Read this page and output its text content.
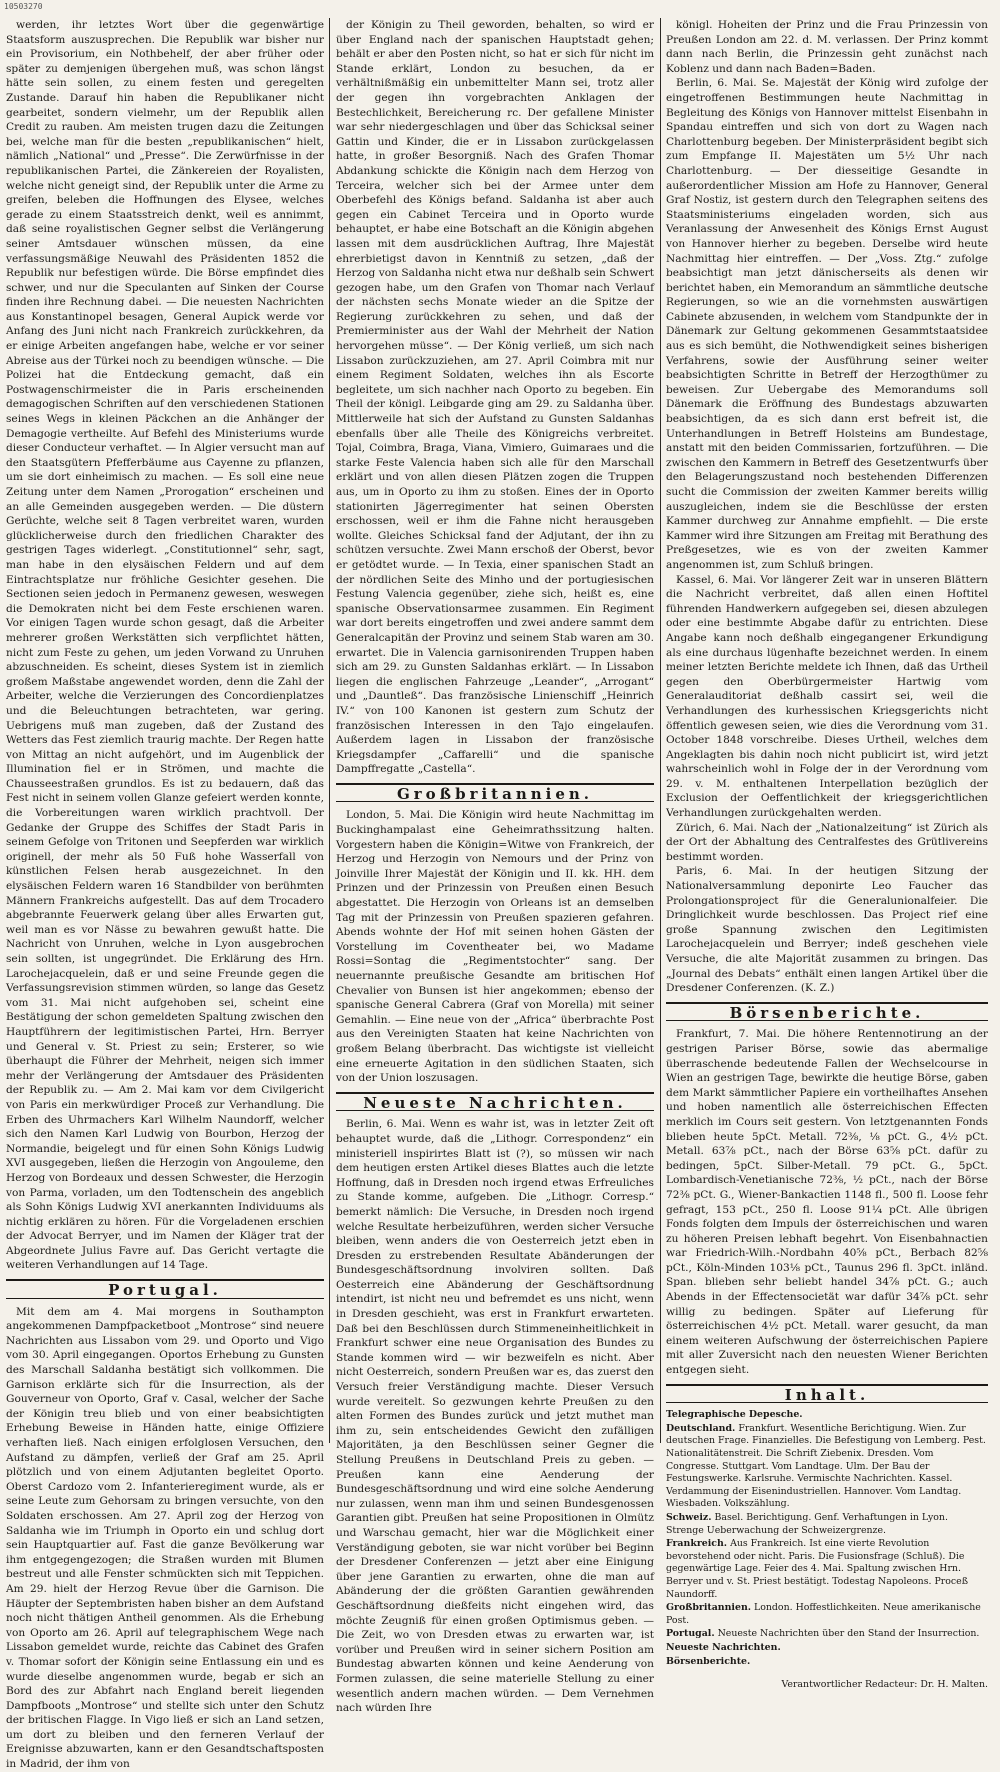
10503270

werden, ihr letztes Wort über die gegenwärtige Staatsform auszusprechen. Die Republik war bisher nur ein Provisorium, ein Nothbehelf, der aber früher oder später zu demjenigen übergehen muß, was schon längst hätte sein sollen, zu einem festen und geregelten Zustande. Darauf hin haben die Republikaner nicht gearbeitet, sondern vielmehr, um der Republik allen Credit zu rauben. Am meisten trugen dazu die Zeitungen bei, welche man für die besten „republikanischen“ hielt, nämlich „National“ und „Presse“. Die Zerwürfnisse in der republikanischen Partei, die Zänkereien der Royalisten, welche nicht geneigt sind, der Republik unter die Arme zu greifen, beleben die Hoffnungen des Elysee, welches gerade zu einem Staatsstreich denkt, weil es annimmt, daß seine royalistischen Gegner selbst die Verlängerung seiner Amtsdauer wünschen müssen, da eine verfassungsmäßige Neuwahl des Präsidenten 1852 die Republik nur befestigen würde. Die Börse empfindet dies schwer, und nur die Speculanten auf Sinken der Course finden ihre Rechnung dabei. — Die neuesten Nachrichten aus Konstantinopel besagen, General Aupick werde vor Anfang des Juni nicht nach Frankreich zurückkehren, da er einige Arbeiten angefangen habe, welche er vor seiner Abreise aus der Türkei noch zu beendigen wünsche. — Die Polizei hat die Entdeckung gemacht, daß ein Postwagenschirmeister die in Paris erscheinenden demagogischen Schriften auf den verschiedenen Stationen seines Wegs in kleinen Päckchen an die Anhänger der Demagogie vertheilte. Auf Befehl des Ministeriums wurde dieser Conducteur verhaftet. — In Algier versucht man auf den Staatsgütern Pfefferbäume aus Cayenne zu pflanzen, um sie dort einheimisch zu machen. — Es soll eine neue Zeitung unter dem Namen „Prorogation“ erscheinen und an alle Gemeinden ausgegeben werden. — Die düstern Gerüchte, welche seit 8 Tagen verbreitet waren, wurden glücklicherweise durch den friedlichen Charakter des gestrigen Tages widerlegt. „Constitutionnel“ sehr, sagt, man habe in den elysäischen Feldern und auf dem Eintrachtsplatze nur fröhliche Gesichter gesehen. Die Sectionen seien jedoch in Permanenz gewesen, weswegen die Demokraten nicht bei dem Feste erschienen waren. Vor einigen Tagen wurde schon gesagt, daß die Arbeiter mehrerer großen Werkstätten sich verpflichtet hätten, nicht zum Feste zu gehen, um jeden Vorwand zu Unruhen abzuschneiden. Es scheint, dieses System ist in ziemlich großem Maßstabe angewendet worden, denn die Zahl der Arbeiter, welche die Verzierungen des Concordienplatzes und die Beleuchtungen betrachteten, war gering. Uebrigens muß man zugeben, daß der Zustand des Wetters das Fest ziemlich traurig machte. Der Regen hatte von Mittag an nicht aufgehört, und im Augenblick der Illumination fiel er in Strömen, und machte die Chausseestraßen grundlos. Es ist zu bedauern, daß das Fest nicht in seinem vollen Glanze gefeiert werden konnte, die Vorbereitungen waren wirklich prachtvoll. Der Gedanke der Gruppe des Schiffes der Stadt Paris in seinem Gefolge von Tritonen und Seepferden war wirklich originell, der mehr als 50 Fuß hohe Wasserfall von künstlichen Felsen herab ausgezeichnet. In den elysäischen Feldern waren 16 Standbilder von berühmten Männern Frankreichs aufgestellt. Das auf dem Trocadero abgebrannte Feuerwerk gelang über alles Erwarten gut, weil man es vor Nässe zu bewahren gewußt hatte. Die Nachricht von Unruhen, welche in Lyon ausgebrochen sein sollten, ist ungegründet. Die Erklärung des Hrn. Larochejacquelein, daß er und seine Freunde gegen die Verfassungsrevision stimmen würden, so lange das Gesetz vom 31. Mai nicht aufgehoben sei, scheint eine Bestätigung der schon gemeldeten Spaltung zwischen den Hauptführern der legitimistischen Partei, Hrn. Berryer und General v. St. Priest zu sein; Ersterer, so wie überhaupt die Führer der Mehrheit, neigen sich immer mehr der Verlängerung der Amtsdauer des Präsidenten der Republik zu. — Am 2. Mai kam vor dem Civilgericht von Paris ein merkwürdiger Proceß zur Verhandlung. Die Erben des Uhrmachers Karl Wilhelm Naundorff, welcher sich den Namen Karl Ludwig von Bourbon, Herzog der Normandie, beigelegt und für einen Sohn Königs Ludwig XVI ausgegeben, ließen die Herzogin von Angouleme, den Herzog von Bordeaux und dessen Schwester, die Herzogin von Parma, vorladen, um den Todtenschein des angeblich als Sohn Königs Ludwig XVI anerkannten Individuums als nichtig erklären zu hören. Für die Vorgeladenen erschien der Advocat Berryer, und im Namen der Kläger trat der Abgeordnete Julius Favre auf. Das Gericht vertagte die weiteren Verhandlungen auf 14 Tage.

Portugal.

Mit dem am 4. Mai morgens in Southampton angekommenen Dampfpacketboot „Montrose“ sind neuere Nachrichten aus Lissabon vom 29. und Oporto und Vigo vom 30. April eingegangen. Oportos Erhebung zu Gunsten des Marschall Saldanha bestätigt sich vollkommen. Die Garnison erklärte sich für die Insurrection, als der Gouverneur von Oporto, Graf v. Casal, welcher der Sache der Königin treu blieb und von einer beabsichtigten Erhebung Beweise in Händen hatte, einige Offiziere verhaften ließ. Nach einigen erfolglosen Versuchen, den Aufstand zu dämpfen, verließ der Graf am 25. April plötzlich und von einem Adjutanten begleitet Oporto. Oberst Cardozo vom 2. Infanterieregiment wurde, als er seine Leute zum Gehorsam zu bringen versuchte, von den Soldaten erschossen. Am 27. April zog der Herzog von Saldanha wie im Triumph in Oporto ein und schlug dort sein Hauptquartier auf. Fast die ganze Bevölkerung war ihm entgegengezogen; die Straßen wurden mit Blumen bestreut und alle Fenster schmückten sich mit Teppichen. Am 29. hielt der Herzog Revue über die Garnison. Die Häupter der Septembristen haben bisher an dem Aufstand noch nicht thätigen Antheil genommen. Als die Erhebung von Oporto am 26. April auf telegraphischem Wege nach Lissabon gemeldet wurde, reichte das Cabinet des Grafen v. Thomar sofort der Königin seine Entlassung ein und es wurde dieselbe angenommen wurde, begab er sich an Bord des zur Abfahrt nach England bereit liegenden Dampfboots „Montrose“ und stellte sich unter den Schutz der britischen Flagge. In Vigo ließ er sich an Land setzen, um dort zu bleiben und den ferneren Verlauf der Ereignisse abzuwarten, kann er den Gesandtschaftsposten in Madrid, der ihm von

der Königin zu Theil geworden, behalten, so wird er über England nach der spanischen Hauptstadt gehen; behält er aber den Posten nicht, so hat er sich für nicht im Stande erklärt, London zu besuchen, da er verhältnißmäßig ein unbemittelter Mann sei, trotz aller der gegen ihn vorgebrachten Anklagen der Bestechlichkeit, Bereicherung rc. Der gefallene Minister war sehr niedergeschlagen und über das Schicksal seiner Gattin und Kinder, die er in Lissabon zurückgelassen hatte, in großer Besorgniß. Nach des Grafen Thomar Abdankung schickte die Königin nach dem Herzog von Terceira, welcher sich bei der Armee unter dem Oberbefehl des Königs befand. Saldanha ist aber auch gegen ein Cabinet Terceira und in Oporto wurde behauptet, er habe eine Botschaft an die Königin abgehen lassen mit dem ausdrücklichen Auftrag, Ihre Majestät ehrerbietigst davon in Kenntniß zu setzen, „daß der Herzog von Saldanha nicht etwa nur deßhalb sein Schwert gezogen habe, um den Grafen von Thomar nach Verlauf der nächsten sechs Monate wieder an die Spitze der Regierung zurückkehren zu sehen, und daß der Premierminister aus der Wahl der Mehrheit der Nation hervorgehen müsse“. — Der König verließ, um sich nach Lissabon zurückzuziehen, am 27. April Coimbra mit nur einem Regiment Soldaten, welches ihn als Escorte begleitete, um sich nachher nach Oporto zu begeben. Ein Theil der königl. Leibgarde ging am 29. zu Saldanha über. Mittlerweile hat sich der Aufstand zu Gunsten Saldanhas ebenfalls über alle Theile des Königreichs verbreitet. Tojal, Coimbra, Braga, Viana, Vimiero, Guimaraes und die starke Feste Valencia haben sich alle für den Marschall erklärt und von allen diesen Plätzen zogen die Truppen aus, um in Oporto zu ihm zu stoßen. Eines der in Oporto stationirten Jägerregimenter hat seinen Obersten erschossen, weil er ihm die Fahne nicht herausgeben wollte. Gleiches Schicksal fand der Adjutant, der ihn zu schützen versuchte. Zwei Mann erschoß der Oberst, bevor er getödtet wurde. — In Texia, einer spanischen Stadt an der nördlichen Seite des Minho und der portugiesischen Festung Valencia gegenüber, ziehe sich, heißt es, eine spanische Observationsarmee zusammen. Ein Regiment war dort bereits eingetroffen und zwei andere sammt dem Generalcapitän der Provinz und seinem Stab waren am 30. erwartet. Die in Valencia garnisonirenden Truppen haben sich am 29. zu Gunsten Saldanhas erklärt. — In Lissabon liegen die englischen Fahrzeuge „Leander“, „Arrogant“ und „Dauntleß“. Das französische Linienschiff „Heinrich IV.“ von 100 Kanonen ist gestern zum Schutz der französischen Interessen in den Tajo eingelaufen. Außerdem lagen in Lissabon der französische Kriegsdampfer „Caffarelli“ und die spanische Dampffregatte „Castella“.

Großbritannien.

London, 5. Mai. Die Königin wird heute Nachmittag im Buckinghampalast eine Geheimrathssitzung halten. Vorgestern haben die Königin=Witwe von Frankreich, der Herzog und Herzogin von Nemours und der Prinz von Joinville Ihrer Majestät der Königin und II. kk. HH. dem Prinzen und der Prinzessin von Preußen einen Besuch abgestattet. Die Herzogin von Orleans ist an demselben Tag mit der Prinzessin von Preußen spazieren gefahren. Abends wohnte der Hof mit seinen hohen Gästen der Vorstellung im Coventheater bei, wo Madame Rossi=Sontag die „Regimentstochter“ sang. Der neuernannte preußische Gesandte am britischen Hof Chevalier von Bunsen ist hier angekommen; ebenso der spanische General Cabrera (Graf von Morella) mit seiner Gemahlin. — Eine neue von der „Africa“ überbrachte Post aus den Vereinigten Staaten hat keine Nachrichten von großem Belang überbracht. Das wichtigste ist vielleicht eine erneuerte Agitation in den südlichen Staaten, sich von der Union loszusagen.

Neueste Nachrichten.

Berlin, 6. Mai. Wenn es wahr ist, was in letzter Zeit oft behauptet wurde, daß die „Lithogr. Correspondenz“ ein ministeriell inspirirtes Blatt ist (?), so müssen wir nach dem heutigen ersten Artikel dieses Blattes auch die letzte Hoffnung, daß in Dresden noch irgend etwas Erfreuliches zu Stande komme, aufgeben. Die „Lithogr. Corresp.“ bemerkt nämlich: Die Versuche, in Dresden noch irgend welche Resultate herbeizuführen, werden sicher Versuche bleiben, wenn anders die von Oesterreich jetzt eben in Dresden zu erstrebenden Resultate Abänderungen der Bundesgeschäftsordnung involviren sollten. Daß Oesterreich eine Abänderung der Geschäftsordnung intendirt, ist nicht neu und befremdet es uns nicht, wenn in Dresden geschieht, was erst in Frankfurt erwarteten. Daß bei den Beschlüssen durch Stimmeneinheitlichkeit in Frankfurt schwer eine neue Organisation des Bundes zu Stande kommen wird — wir bezweifeln es nicht. Aber nicht Oesterreich, sondern Preußen war es, das zuerst den Versuch freier Verständigung machte. Dieser Versuch wurde vereitelt. So gezwungen kehrte Preußen zu den alten Formen des Bundes zurück und jetzt muthet man ihm zu, sein entscheidendes Gewicht den zufälligen Majoritäten, ja den Beschlüssen seiner Gegner die Stellung Preußens in Deutschland Preis zu geben. — Preußen kann eine Aenderung der Bundesgeschäftsordnung und wird eine solche Aenderung nur zulassen, wenn man ihm und seinen Bundesgenossen Garantien gibt. Preußen hat seine Propositionen in Olmütz und Warschau gemacht, hier war die Möglichkeit einer Verständigung geboten, sie war nicht vorüber bei Beginn der Dresdener Conferenzen — jetzt aber eine Einigung über jene Garantien zu erwarten, ohne die man auf Abänderung der die größten Garantien gewährenden Geschäftsordnung dießfeits nicht eingehen wird, das möchte Zeugniß für einen großen Optimismus geben. — Die Zeit, wo von Dresden etwas zu erwarten war, ist vorüber und Preußen wird in seiner sichern Position am Bundestag abwarten können und keine Aenderung von Formen zulassen, die seine materielle Stellung zu einer wesentlich andern machen würden. — Dem Vernehmen nach würden Ihre

königl. Hoheiten der Prinz und die Frau Prinzessin von Preußen London am 22. d. M. verlassen. Der Prinz kommt dann nach Berlin, die Prinzessin geht zunächst nach Koblenz und dann nach Baden=Baden.

Berlin, 6. Mai. Se. Majestät der König wird zufolge der eingetroffenen Bestimmungen heute Nachmittag in Begleitung des Königs von Hannover mittelst Eisenbahn in Spandau eintreffen und sich von dort zu Wagen nach Charlottenburg begeben. Der Ministerpräsident begibt sich zum Empfange II. Majestäten um 5½ Uhr nach Charlottenburg. — Der diesseitige Gesandte in außerordentlicher Mission am Hofe zu Hannover, General Graf Nostiz, ist gestern durch den Telegraphen seitens des Staatsministeriums eingeladen worden, sich aus Veranlassung der Anwesenheit des Königs Ernst August von Hannover hierher zu begeben. Derselbe wird heute Nachmittag hier eintreffen. — Der „Voss. Ztg.“ zufolge beabsichtigt man jetzt dänischerseits als denen wir berichtet haben, ein Memorandum an sämmtliche deutsche Regierungen, so wie an die vornehmsten auswärtigen Cabinete abzusenden, in welchem vom Standpunkte der in Dänemark zur Geltung gekommenen Gesammtstaatsidee aus es sich bemüht, die Nothwendigkeit seines bisherigen Verfahrens, sowie der Ausführung seiner weiter beabsichtigten Schritte in Betreff der Herzogthümer zu beweisen. Zur Uebergabe des Memorandums soll Dänemark die Eröffnung des Bundestags abzuwarten beabsichtigen, da es sich dann erst befreit ist, die Unterhandlungen in Betreff Holsteins am Bundestage, anstatt mit den beiden Commissarien, fortzuführen. — Die zwischen den Kammern in Betreff des Gesetzentwurfs über den Belagerungszustand noch bestehenden Differenzen sucht die Commission der zweiten Kammer bereits willig auszugleichen, indem sie die Beschlüsse der ersten Kammer durchweg zur Annahme empfiehlt. — Die erste Kammer wird ihre Sitzungen am Freitag mit Berathung des Preßgesetzes, wie es von der zweiten Kammer angenommen ist, zum Schluß bringen.

Kassel, 6. Mai. Vor längerer Zeit war in unseren Blättern die Nachricht verbreitet, daß allen einen Hoftitel führenden Handwerkern aufgegeben sei, diesen abzulegen oder eine bestimmte Abgabe dafür zu entrichten. Diese Angabe kann noch deßhalb eingegangener Erkundigung als eine durchaus lügenhafte bezeichnet werden. In einem meiner letzten Berichte meldete ich Ihnen, daß das Urtheil gegen den Oberbürgermeister Hartwig vom Generalauditoriat deßhalb cassirt sei, weil die Verhandlungen des kurhessischen Kriegsgerichts nicht öffentlich gewesen seien, wie dies die Verordnung vom 31. October 1848 vorschreibe. Dieses Urtheil, welches dem Angeklagten bis dahin noch nicht publicirt ist, wird jetzt wahrscheinlich wohl in Folge der in der Verordnung vom 29. v. M. enthaltenen Interpellation bezüglich der Exclusion der Oeffentlichkeit der kriegsgerichtlichen Verhandlungen zurückgehalten werden.

Zürich, 6. Mai. Nach der „Nationalzeitung“ ist Zürich als der Ort der Abhaltung des Centralfestes des Grütlivereins bestimmt worden.

Paris, 6. Mai. In der heutigen Sitzung der Nationalversammlung deponirte Leo Faucher das Prolongationsproject für die Generalunionalfeier. Die Dringlichkeit wurde beschlossen. Das Project rief eine große Spannung zwischen den Legitimisten Larochejacquelein und Berryer; indeß geschehen viele Versuche, die alte Majorität zusammen zu bringen. Das „Journal des Debats“ enthält einen langen Artikel über die Dresdener Conferenzen. (K. Z.)

Börsenberichte.

Frankfurt, 7. Mai. Die höhere Rentennotirung an der gestrigen Pariser Börse, sowie das abermalige überraschende bedeutende Fallen der Wechselcourse in Wien an gestrigen Tage, bewirkte die heutige Börse, gaben dem Markt sämmtlicher Papiere ein vortheilhaftes Ansehen und hoben namentlich alle österreichischen Effecten merklich im Cours seit gestern. Von letztgenannten Fonds blieben heute 5pCt. Metall. 72⅜, ⅛ pCt. G., 4½ pCt. Metall. 63⅞ pCt., nach der Börse 63⅝ pCt. dafür zu bedingen, 5pCt. Silber-Metall. 79 pCt. G., 5pCt. Lombardisch-Venetianische 72⅜, ½ pCt., nach der Börse 72⅜ pCt. G., Wiener-Bankactien 1148 fl., 500 fl. Loose fehr gefragt, 153 pCt., 250 fl. Loose 91¼ pCt. Alle übrigen Fonds folgten dem Impuls der österreichischen und waren zu höheren Preisen lebhaft begehrt. Von Eisenbahnactien war Friedrich-Wilh.-Nordbahn 40⅝ pCt., Berbach 82⅝ pCt., Köln-Minden 103⅛ pCt., Taunus 296 fl. 3pCt. inländ. Span. blieben sehr beliebt handel 34⅞ pCt. G.; auch Abends in der Effectensocietät war dafür 34⅞ pCt. sehr willig zu bedingen. Später auf Lieferung für österreichischen 4½ pCt. Metall. warer gesucht, da man einem weiteren Aufschwung der österreichischen Papiere mit aller Zuversicht nach den neuesten Wiener Berichten entgegen sieht.

Inhalt.

Telegraphische Depesche.

Deutschland. Frankfurt. Wesentliche Berichtigung. Wien. Zur deutschen Frage. Finanzielles. Die Befestigung von Lemberg. Pest. Nationalitätenstreit. Die Schrift Ziebenix. Dresden. Vom Congresse. Stuttgart. Vom Landtage. Ulm. Der Bau der Festungswerke. Karlsruhe. Vermischte Nachrichten. Kassel. Verdammung der Eisenindustriellen. Hannover. Vom Landtag. Wiesbaden. Volkszählung.

Schweiz. Basel. Berichtigung. Genf. Verhaftungen in Lyon. Strenge Ueberwachung der Schweizergrenze.

Frankreich. Aus Frankreich. Ist eine vierte Revolution bevorstehend oder nicht. Paris. Die Fusionsfrage (Schluß). Die gegenwärtige Lage. Feier des 4. Mai. Spaltung zwischen Hrn. Berryer und v. St. Priest bestätigt. Todestag Napoleons. Proceß Naundorff.

Großbritannien. London. Hoffestlichkeiten. Neue amerikanische Post.

Portugal. Neueste Nachrichten über den Stand der Insurrection.

Neueste Nachrichten.

Börsenberichte.

Verantwortlicher Redacteur: Dr. H. Malten.
